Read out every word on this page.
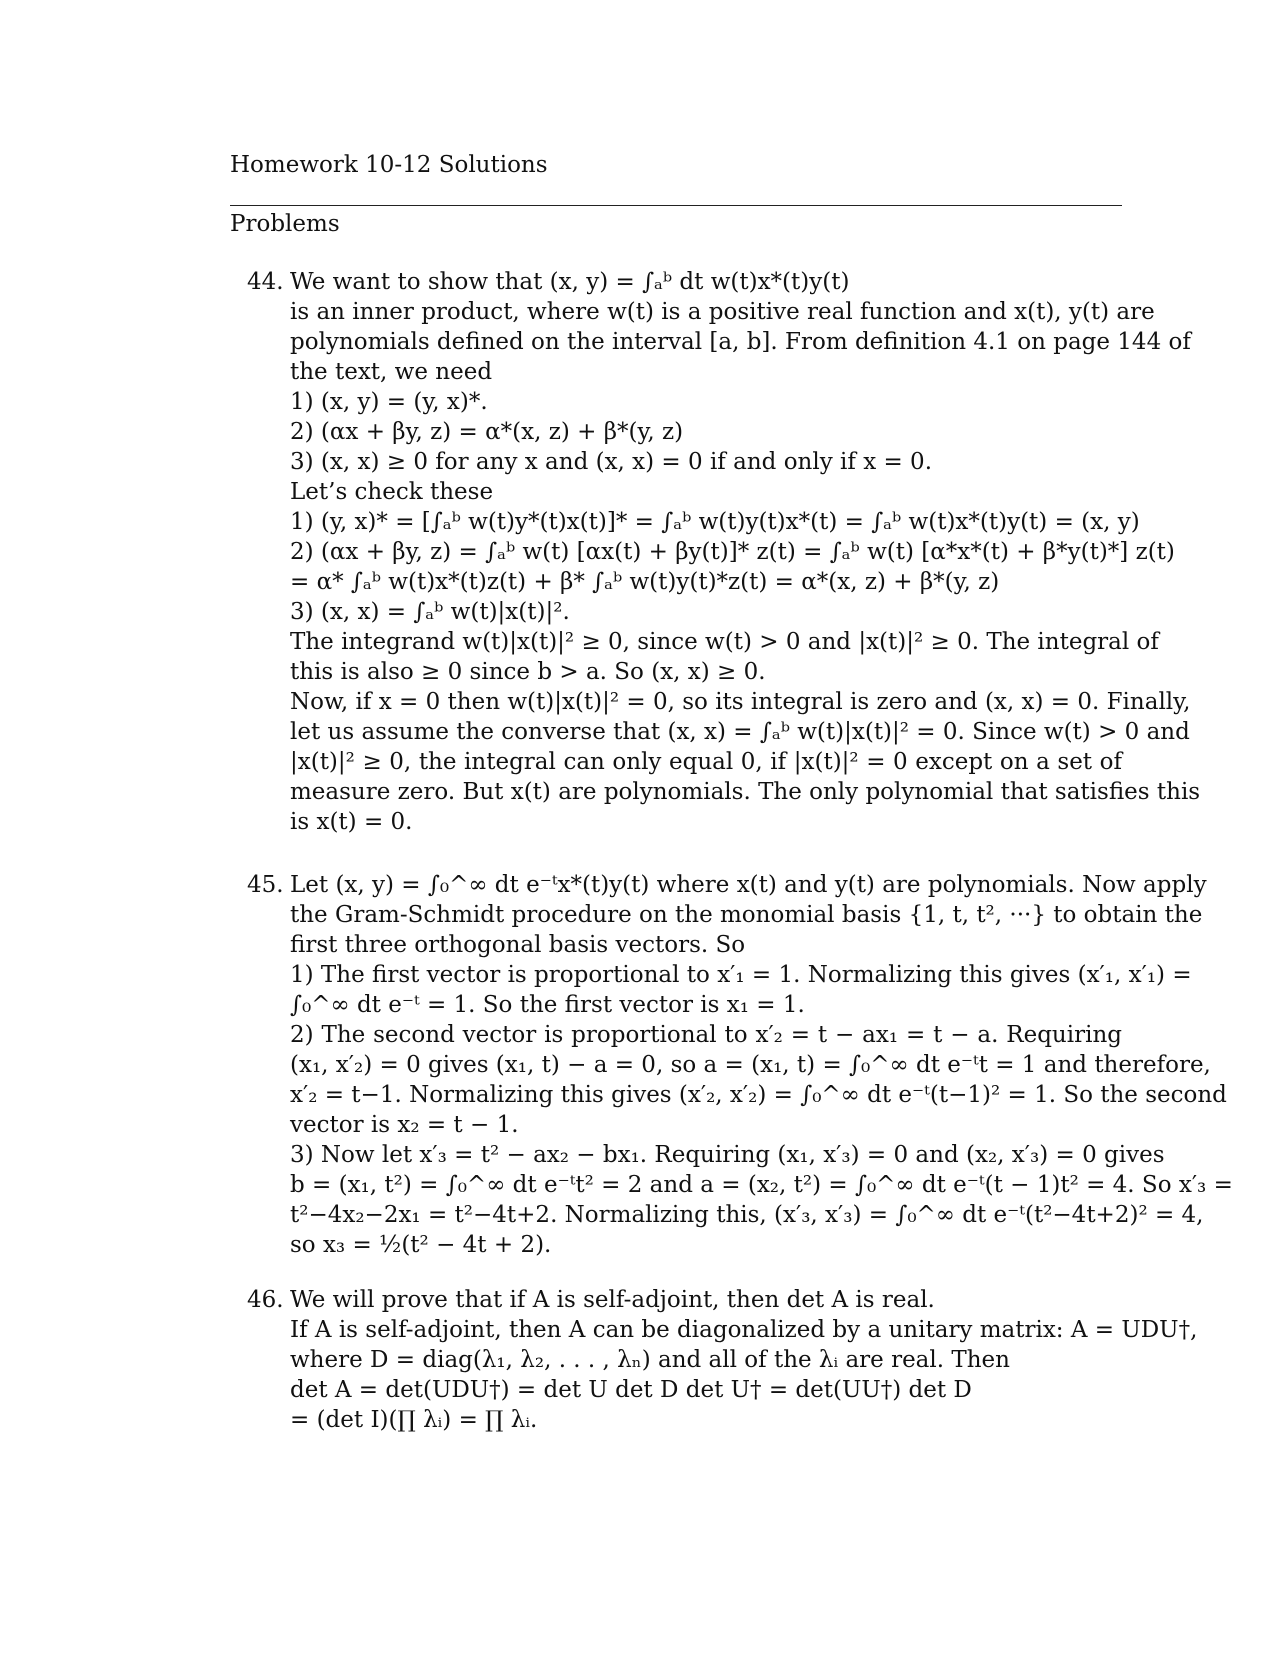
Homework 10-12 Solutions
Problems
44. We want to show that (x, y) = ∫ₐᵇ dt w(t)x*(t)y(t)
is an inner product, where w(t) is a positive real function and x(t), y(t) are
polynomials defined on the interval [a, b]. From definition 4.1 on page 144 of
the text, we need
1) (x, y) = (y, x)*.
2) (αx + βy, z) = α*(x, z) + β*(y, z)
3) (x, x) ≥ 0 for any x and (x, x) = 0 if and only if x = 0.
Let’s check these
1) (y, x)* = [∫ₐᵇ w(t)y*(t)x(t)]* = ∫ₐᵇ w(t)y(t)x*(t) = ∫ₐᵇ w(t)x*(t)y(t) = (x, y)
2) (αx + βy, z) = ∫ₐᵇ w(t) [αx(t) + βy(t)]* z(t) = ∫ₐᵇ w(t) [α*x*(t) + β*y(t)*] z(t)
= α* ∫ₐᵇ w(t)x*(t)z(t) + β* ∫ₐᵇ w(t)y(t)*z(t) = α*(x, z) + β*(y, z)
3) (x, x) = ∫ₐᵇ w(t)|x(t)|².
The integrand w(t)|x(t)|² ≥ 0, since w(t) > 0 and |x(t)|² ≥ 0. The integral of
this is also ≥ 0 since b > a. So (x, x) ≥ 0.
Now, if x = 0 then w(t)|x(t)|² = 0, so its integral is zero and (x, x) = 0. Finally,
let us assume the converse that (x, x) = ∫ₐᵇ w(t)|x(t)|² = 0. Since w(t) > 0 and
|x(t)|² ≥ 0, the integral can only equal 0, if |x(t)|² = 0 except on a set of
measure zero. But x(t) are polynomials. The only polynomial that satisfies this
is x(t) = 0.
45. Let (x, y) = ∫₀^∞ dt e⁻ᵗx*(t)y(t) where x(t) and y(t) are polynomials. Now apply
the Gram-Schmidt procedure on the monomial basis {1, t, t², ···} to obtain the
first three orthogonal basis vectors. So
1) The first vector is proportional to x′₁ = 1. Normalizing this gives (x′₁, x′₁) =
∫₀^∞ dt e⁻ᵗ = 1. So the first vector is x₁ = 1.
2) The second vector is proportional to x′₂ = t − ax₁ = t − a. Requiring
(x₁, x′₂) = 0 gives (x₁, t) − a = 0, so a = (x₁, t) = ∫₀^∞ dt e⁻ᵗt = 1 and therefore,
x′₂ = t−1. Normalizing this gives (x′₂, x′₂) = ∫₀^∞ dt e⁻ᵗ(t−1)² = 1. So the second
vector is x₂ = t − 1.
3) Now let x′₃ = t² − ax₂ − bx₁. Requiring (x₁, x′₃) = 0 and (x₂, x′₃) = 0 gives
b = (x₁, t²) = ∫₀^∞ dt e⁻ᵗt² = 2 and a = (x₂, t²) = ∫₀^∞ dt e⁻ᵗ(t − 1)t² = 4. So x′₃ =
t²−4x₂−2x₁ = t²−4t+2. Normalizing this, (x′₃, x′₃) = ∫₀^∞ dt e⁻ᵗ(t²−4t+2)² = 4,
so x₃ = ½(t² − 4t + 2).
46. We will prove that if A is self-adjoint, then det A is real.
If A is self-adjoint, then A can be diagonalized by a unitary matrix: A = UDU†,
where D = diag(λ₁, λ₂, . . . , λₙ) and all of the λᵢ are real. Then
det A = det(UDU†) = det U det D det U† = det(UU†) det D
= (det I)(∏ λᵢ) = ∏ λᵢ.
